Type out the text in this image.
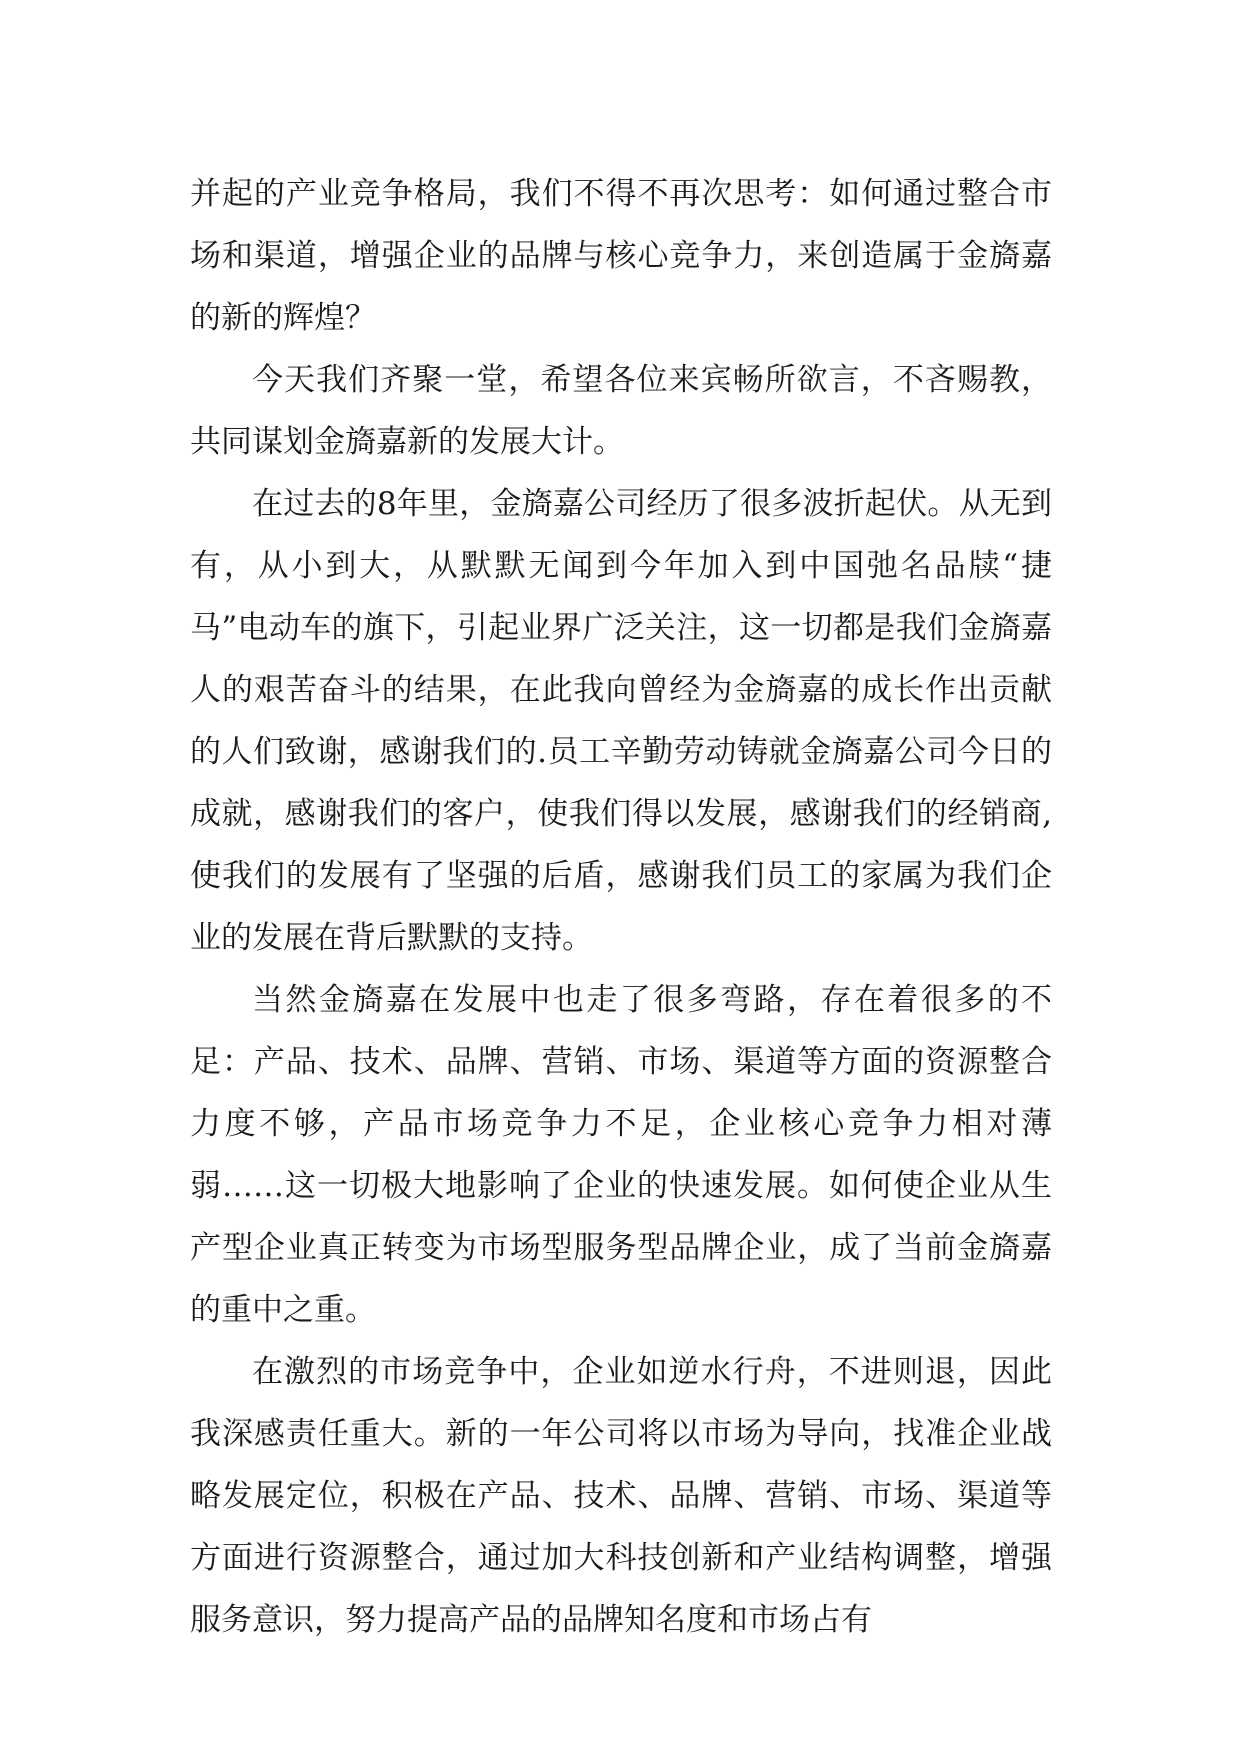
并起的产业竞争格局，我们不得不再次思考：如何通过整合市场和渠道，增强企业的品牌与核心竞争力，来创造属于金旖嘉的新的辉煌？

今天我们齐聚一堂，希望各位来宾畅所欲言，不吝赐教，共同谋划金旖嘉新的发展大计。

在过去的8年里，金旖嘉公司经历了很多波折起伏。从无到有，从小到大，从默默无闻到今年加入到中国弛名品牍“捷马”电动车的旗下，引起业界广泛关注，这一切都是我们金旖嘉人的艰苦奋斗的结果，在此我向曾经为金旖嘉的成长作出贡献的人们致谢，感谢我们的.员工辛勤劳动铸就金旖嘉公司今日的成就，感谢我们的客户，使我们得以发展，感谢我们的经销商,使我们的发展有了坚强的后盾，感谢我们员工的家属为我们企业的发展在背后默默的支持。

当然金旖嘉在发展中也走了很多弯路，存在着很多的不足：产品、技术、品牌、营销、市场、渠道等方面的资源整合力度不够，产品市场竞争力不足，企业核心竞争力相对薄弱……这一切极大地影响了企业的快速发展。如何使企业从生产型企业真正转变为市场型服务型品牌企业，成了当前金旖嘉的重中之重。

在激烈的市场竞争中，企业如逆水行舟，不进则退，因此我深感责任重大。新的一年公司将以市场为导向，找准企业战略发展定位，积极在产品、技术、品牌、营销、市场、渠道等方面进行资源整合，通过加大科技创新和产业结构调整，增强服务意识，努力提高产品的品牌知名度和市场占有
